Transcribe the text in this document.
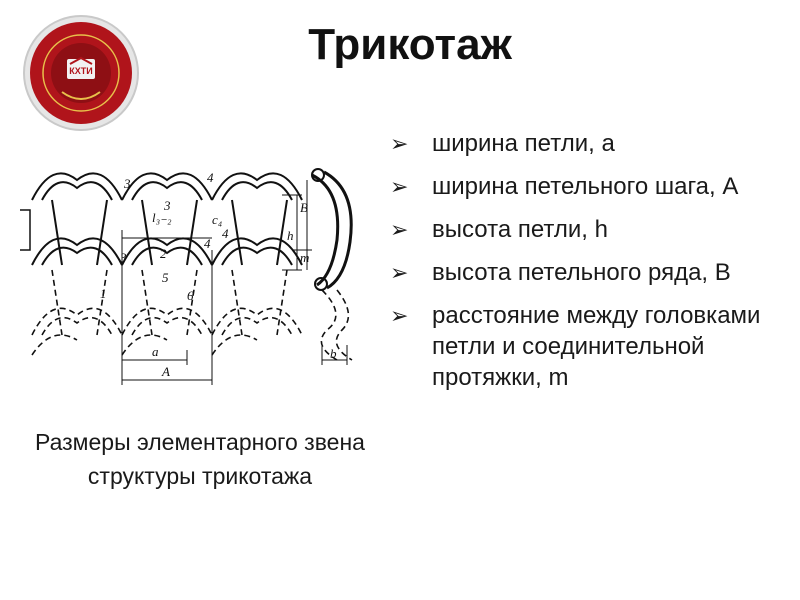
КХТИ
Трикотаж
a
A
h
B
m
b
l₃₋₂	c₄
1
2
3
4
5
6
3	4
4
3
Размеры элементарного звена структуры трикотажа
➢ ширина петли, а
➢ ширина петельного шага, А
➢ высота петли, h
➢ высота петельного ряда, В
➢ расстояние между головками петли и соединительной протяжки, m
